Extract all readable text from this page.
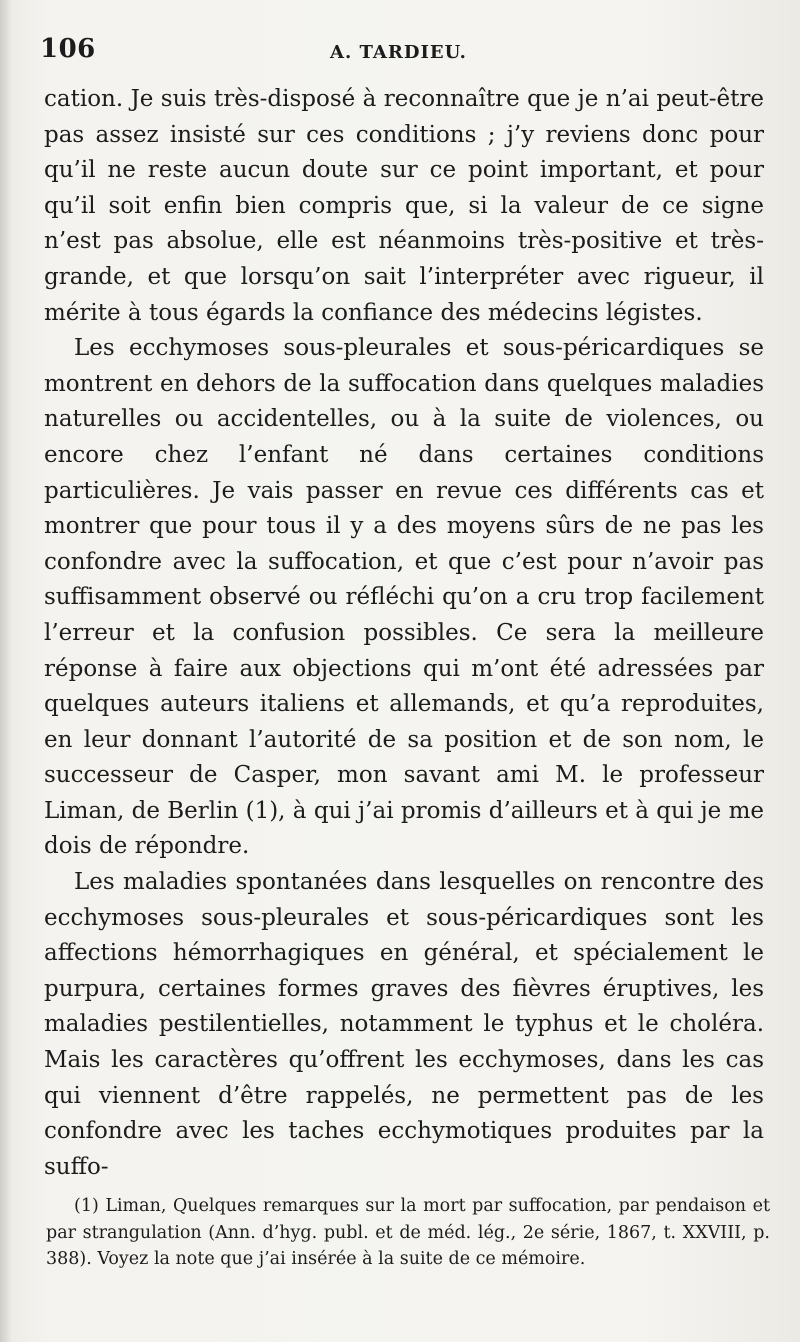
106	A. TARDIEU.

cation. Je suis très-disposé à reconnaître que je n’ai peut-être pas assez insisté sur ces conditions ; j’y reviens donc pour qu’il ne reste aucun doute sur ce point important, et pour qu’il soit enfin bien compris que, si la valeur de ce signe n’est pas absolue, elle est néanmoins très-positive et très-grande, et que lorsqu’on sait l’interpréter avec rigueur, il mérite à tous égards la confiance des médecins légistes.

Les ecchymoses sous-pleurales et sous-péricardiques se montrent en dehors de la suffocation dans quelques maladies naturelles ou accidentelles, ou à la suite de violences, ou encore chez l’enfant né dans certaines conditions particulières. Je vais passer en revue ces différents cas et montrer que pour tous il y a des moyens sûrs de ne pas les confondre avec la suffocation, et que c’est pour n’avoir pas suffisamment observé ou réfléchi qu’on a cru trop facilement l’erreur et la confusion possibles. Ce sera la meilleure réponse à faire aux objections qui m’ont été adressées par quelques auteurs italiens et allemands, et qu’a reproduites, en leur donnant l’autorité de sa position et de son nom, le successeur de Casper, mon savant ami M. le professeur Liman, de Berlin (1), à qui j’ai promis d’ailleurs et à qui je me dois de répondre.

Les maladies spontanées dans lesquelles on rencontre des ecchymoses sous-pleurales et sous-péricardiques sont les affections hémorrhagiques en général, et spécialement le purpura, certaines formes graves des fièvres éruptives, les maladies pestilentielles, notamment le typhus et le choléra. Mais les caractères qu’offrent les ecchymoses, dans les cas qui viennent d’être rappelés, ne permettent pas de les confondre avec les taches ecchymotiques produites par la suffo-

(1) Liman, Quelques remarques sur la mort par suffocation, par pendaison et par strangulation (Ann. d’hyg. publ. et de méd. lég., 2e série, 1867, t. XXVIII, p. 388). Voyez la note que j’ai insérée à la suite de ce mémoire.
